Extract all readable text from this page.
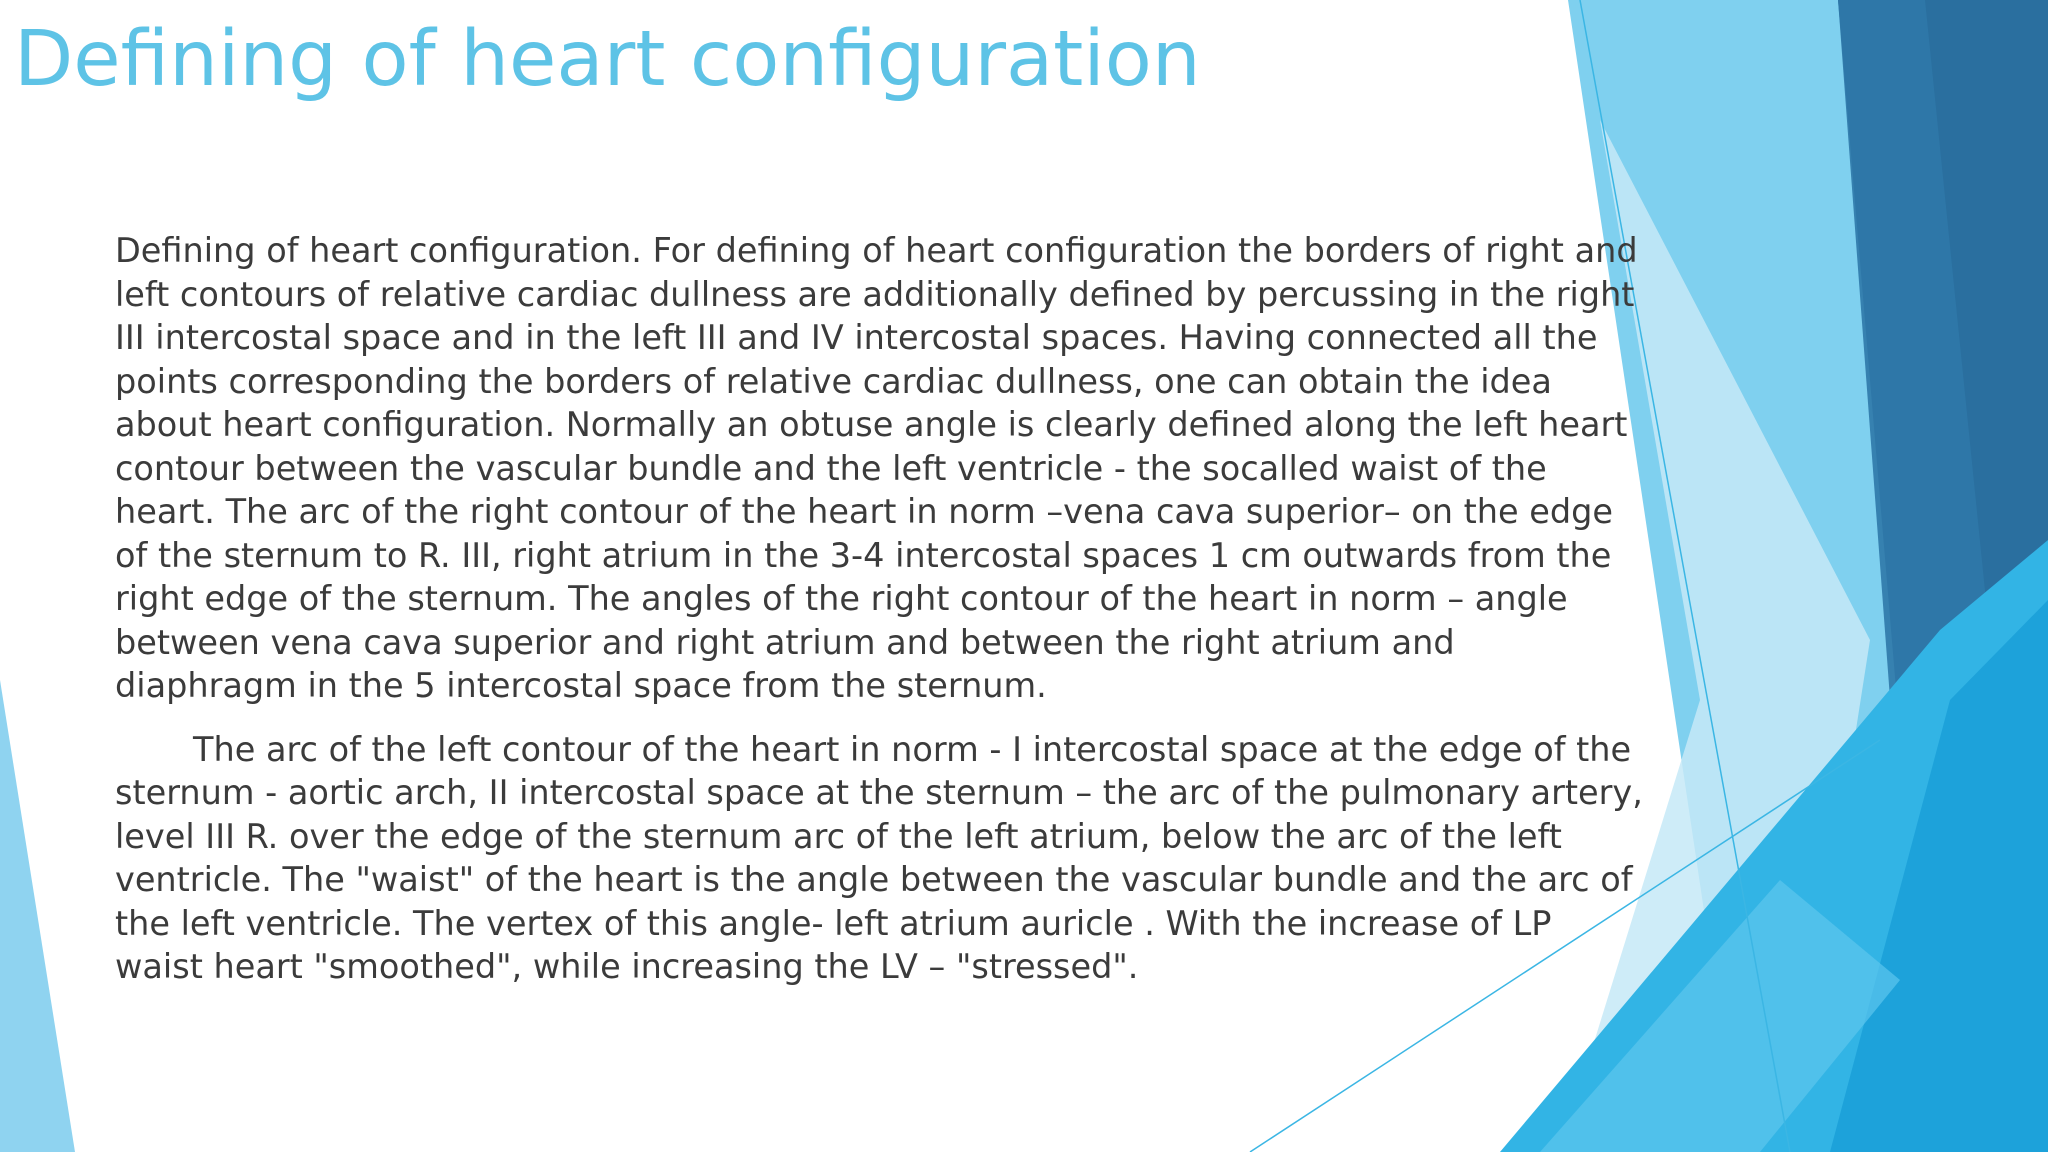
Defining of heart configuration

Defining of heart configuration. For defining of heart configuration the borders of right and left contours of relative cardiac dullness are additionally defined by percussing in the right III intercostal space and in the left III and IV intercostal spaces. Having connected all the points corresponding the borders of relative cardiac dullness, one can obtain the idea about heart configuration. Normally an obtuse angle is clearly defined along the left heart contour between the vascular bundle and the left ventricle - the socalled waist of the heart. The arc of the right contour of the heart in norm –vena cava superior– on the edge of the sternum to R. III, right atrium in the 3-4 intercostal spaces 1 cm outwards from the right edge of the sternum. The angles of the right contour of the heart in norm – angle between vena cava superior and right atrium and between the right atrium and diaphragm in the 5 intercostal space from the sternum.

The arc of the left contour of the heart in norm - I intercostal space at the edge of the sternum - aortic arch, II intercostal space at the sternum – the arc of the pulmonary artery, level III R. over the edge of the sternum arc of the left atrium, below the arc of the left ventricle. The "waist" of the heart is the angle between the vascular bundle and the arc of the left ventricle. The vertex of this angle- left atrium auricle . With the increase of LP waist heart "smoothed", while increasing the LV – "stressed".
